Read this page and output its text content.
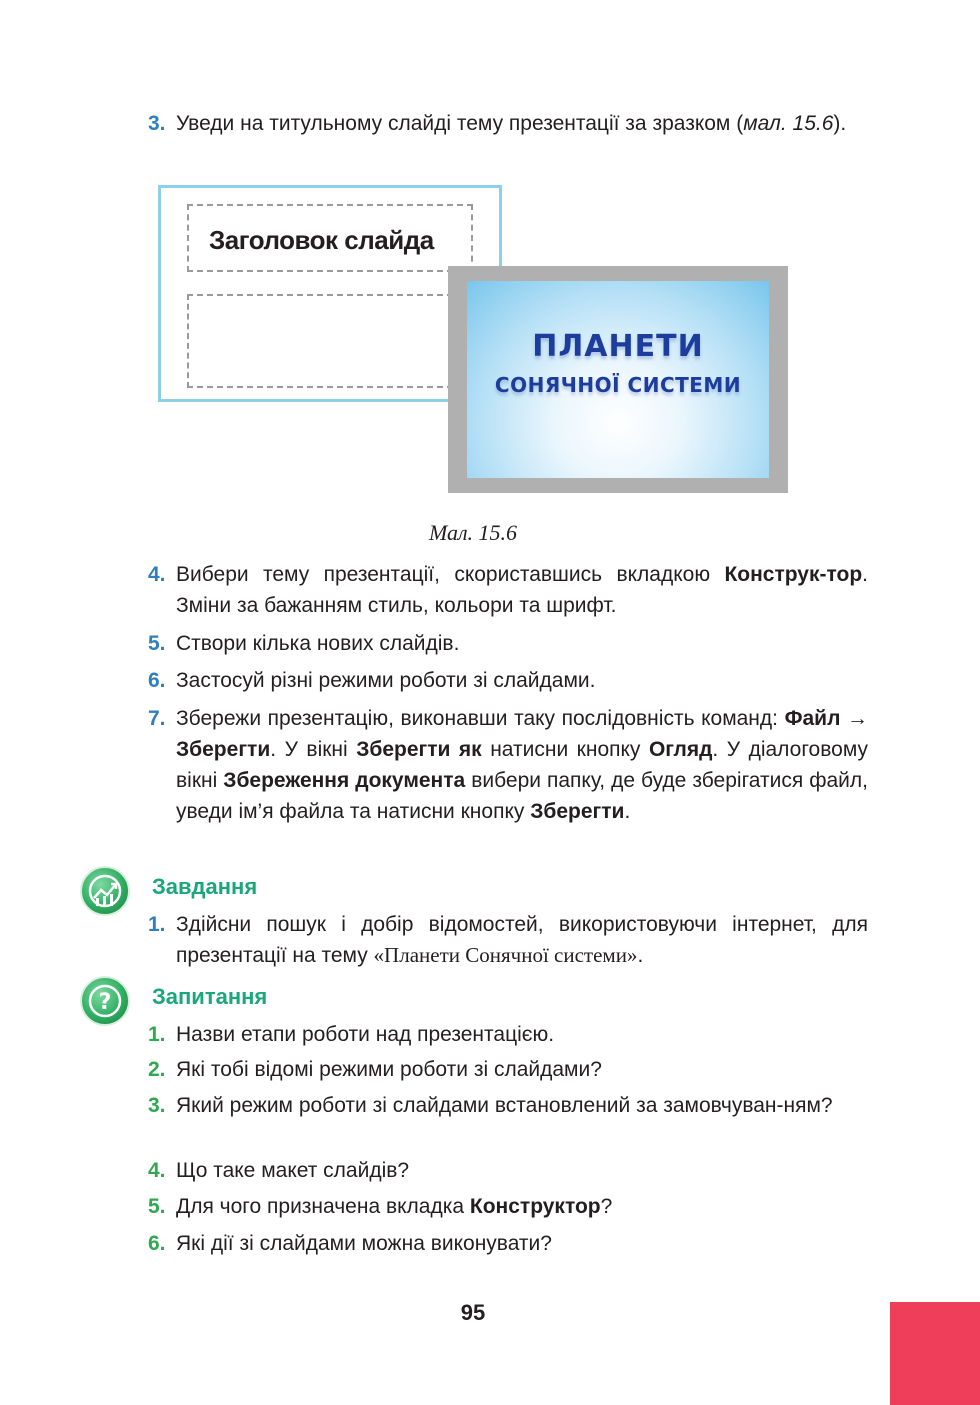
3. Уведи на титульному слайді тему презентації за зразком (мал. 15.6).
Заголовок слайда
ПЛАНЕТИ
СОНЯЧНОЇ СИСТЕМИ
Мал. 15.6
4. Вибери тему презентації, скориставшись вкладкою Конструк-тор. Зміни за бажанням стиль, кольори та шрифт.
5. Створи кілька нових слайдів.
6. Застосуй різні режими роботи зі слайдами.
7. Збережи презентацію, виконавши таку послідовність команд: Файл → Зберегти. У вікні Зберегти як натисни кнопку Огляд. У діалоговому вікні Збереження документа вибери папку, де буде зберігатися файл, уведи ім’я файла та натисни кнопку Зберегти.
Завдання
1. Здійсни пошук і добір відомостей, використовуючи інтернет, для презентації на тему «Планети Сонячної системи».
? Запитання
1. Назви етапи роботи над презентацією.
2. Які тобі відомі режими роботи зі слайдами?
3. Який режим роботи зі слайдами встановлений за замовчуван-ням?
4. Що таке макет слайдів?
5. Для чого призначена вкладка Конструктор?
6. Які дії зі слайдами можна виконувати?
95
